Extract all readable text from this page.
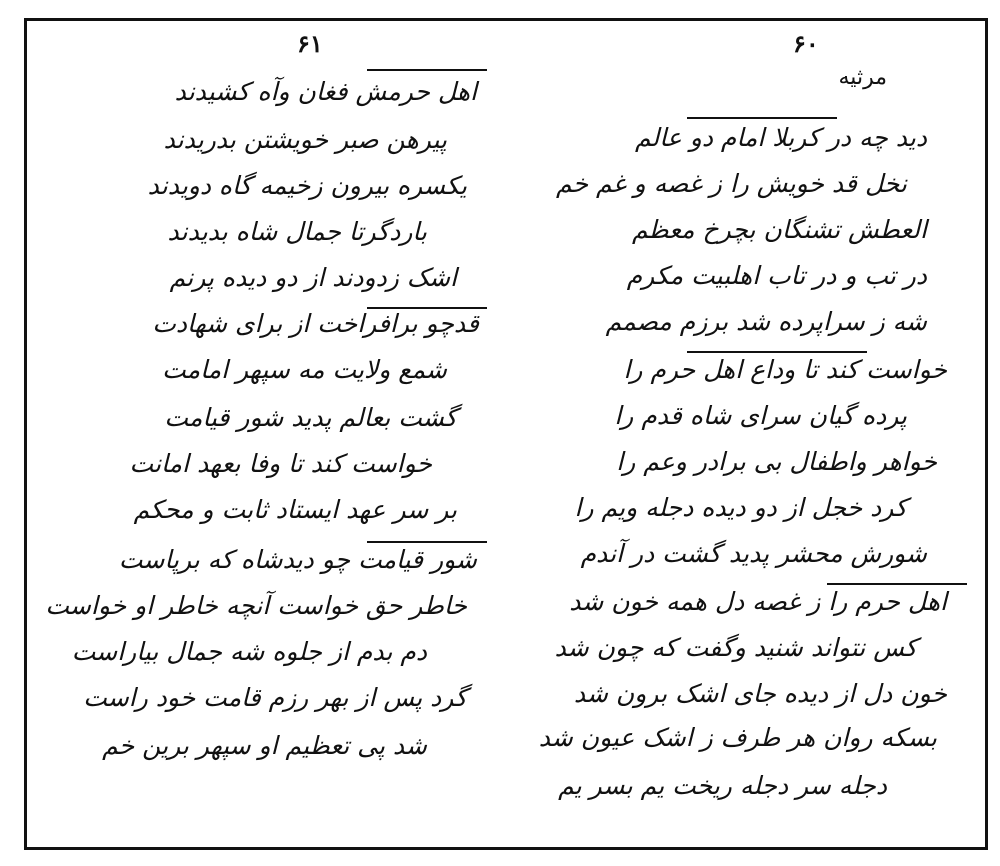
۶۱
اهل حرمش فغان وآه کشیدند
پیرهن صبر خویشتن بدریدند
یکسره بیرون زخیمه گاه دویدند
باردگرتا جمال شاه بدیدند
اشک زدودند از دو دیده پرنم
قدچو برافراخت از برای شهادت
شمع ولایت مه سپهر امامت
گشت بعالم پدید شور قیامت
خواست کند تا وفا بعهد امانت
بر سر عهد ایستاد ثابت و محکم
شور قیامت چو دیدشاه که برپاست
خاطر حق خواست آنچه خاطر او خواست
دم بدم از جلوه شه جمال بیاراست
گرد پس از بهر رزم قامت خود راست
شد پی تعظیم او سپهر برین خم
۶۰
مرثیه
دید چه در کربلا امام دو عالم
نخل قد خویش را ز غصه و غم خم
العطش تشنگان بچرخ معظم
در تب و در تاب اهلبیت مکرم
شه ز سراپرده شد برزم مصمم
خواست کند تا وداع اهل حرم را
پرده گیان سرای شاه قدم را
خواهر واطفال بی برادر وعم را
کرد خجل از دو دیده دجله ویم را
شورش محشر پدید گشت در آندم
اهل حرم را ز غصه دل همه خون شد
کس نتواند شنید وگفت که چون شد
خون دل از دیده جای اشک برون شد
بسکه روان هر طرف ز اشک عیون شد
دجله سر دجله ریخت یم بسر یم
